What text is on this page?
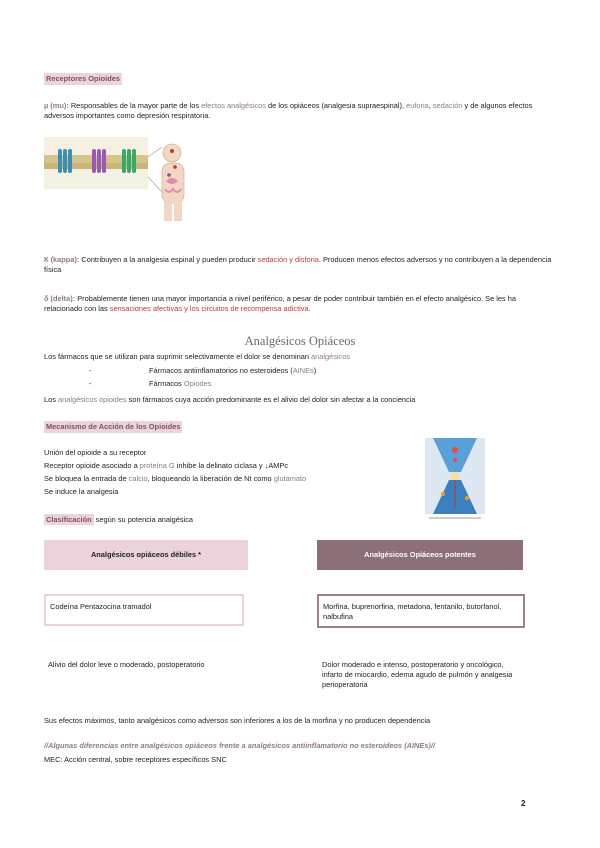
Receptores Opioides
µ (mu): Responsables de la mayor parte de los efectos analgésicos de los opiáceos (analgesia supraespinal), euforia, sedación y de algunos efectos adversos importantes como depresión respiratoria.
К (kappa): Contribuyen a la analgesia espinal y pueden producir sedación y disforia. Producen menos efectos adversos y no contribuyen a la dependencia física
δ (delta): Probablemente tienen una mayor importancia a nivel periférico, a pesar de poder contribuir también en el efecto analgésico. Se les ha relacionado con las sensaciones afectivas y los circuitos de recompensa adictiva.
Analgésicos Opiáceos
Los fármacos que se utilizan para suprimir selectivamente el dolor se denominan analgésicos
-	Fármacos antiinflamatorios no esteroideos (AINEs)
-	Fármacos Opiodes
Los analgésicos opioides son fármacos cuya acción predominante es el alivio del dolor sin afectar a la conciencia
Mecanismo de Acción de los Opioides
Unión del opioide a su receptor
Receptor opioide asociado a proteína G inhibe la delinato ciclasa y ↓AMPc
Se bloquea la entrada de calcio, bloqueando la liberación de Nt como glutamato
Se induce la analgesia
Clasificación según su potencia analgésica
Analgésicos opiáceos débiles *	Analgésicos Opiáceos potentes
Codeína Pentazocina tramadol	Morfina, buprenorfina, metadona, fentanilo, butorfanol, nalbufina
Alivio del dolor leve o moderado, postoperatorio	Dolor moderado e intenso, postoperatorio y oncológico, infarto de miocardio, edema agudo de pulmón y analgesia perioperatoria
Sus efectos máximos, tanto analgésicos como adversos son inferiores a los de la morfina y no producen dependencia
//Algunas diferencias entre analgésicos opiáceos frente a analgésicos antiinflamatorio no esteroideos (AINEs)//
MEC: Acción central, sobre receptores específicos SNC
2
